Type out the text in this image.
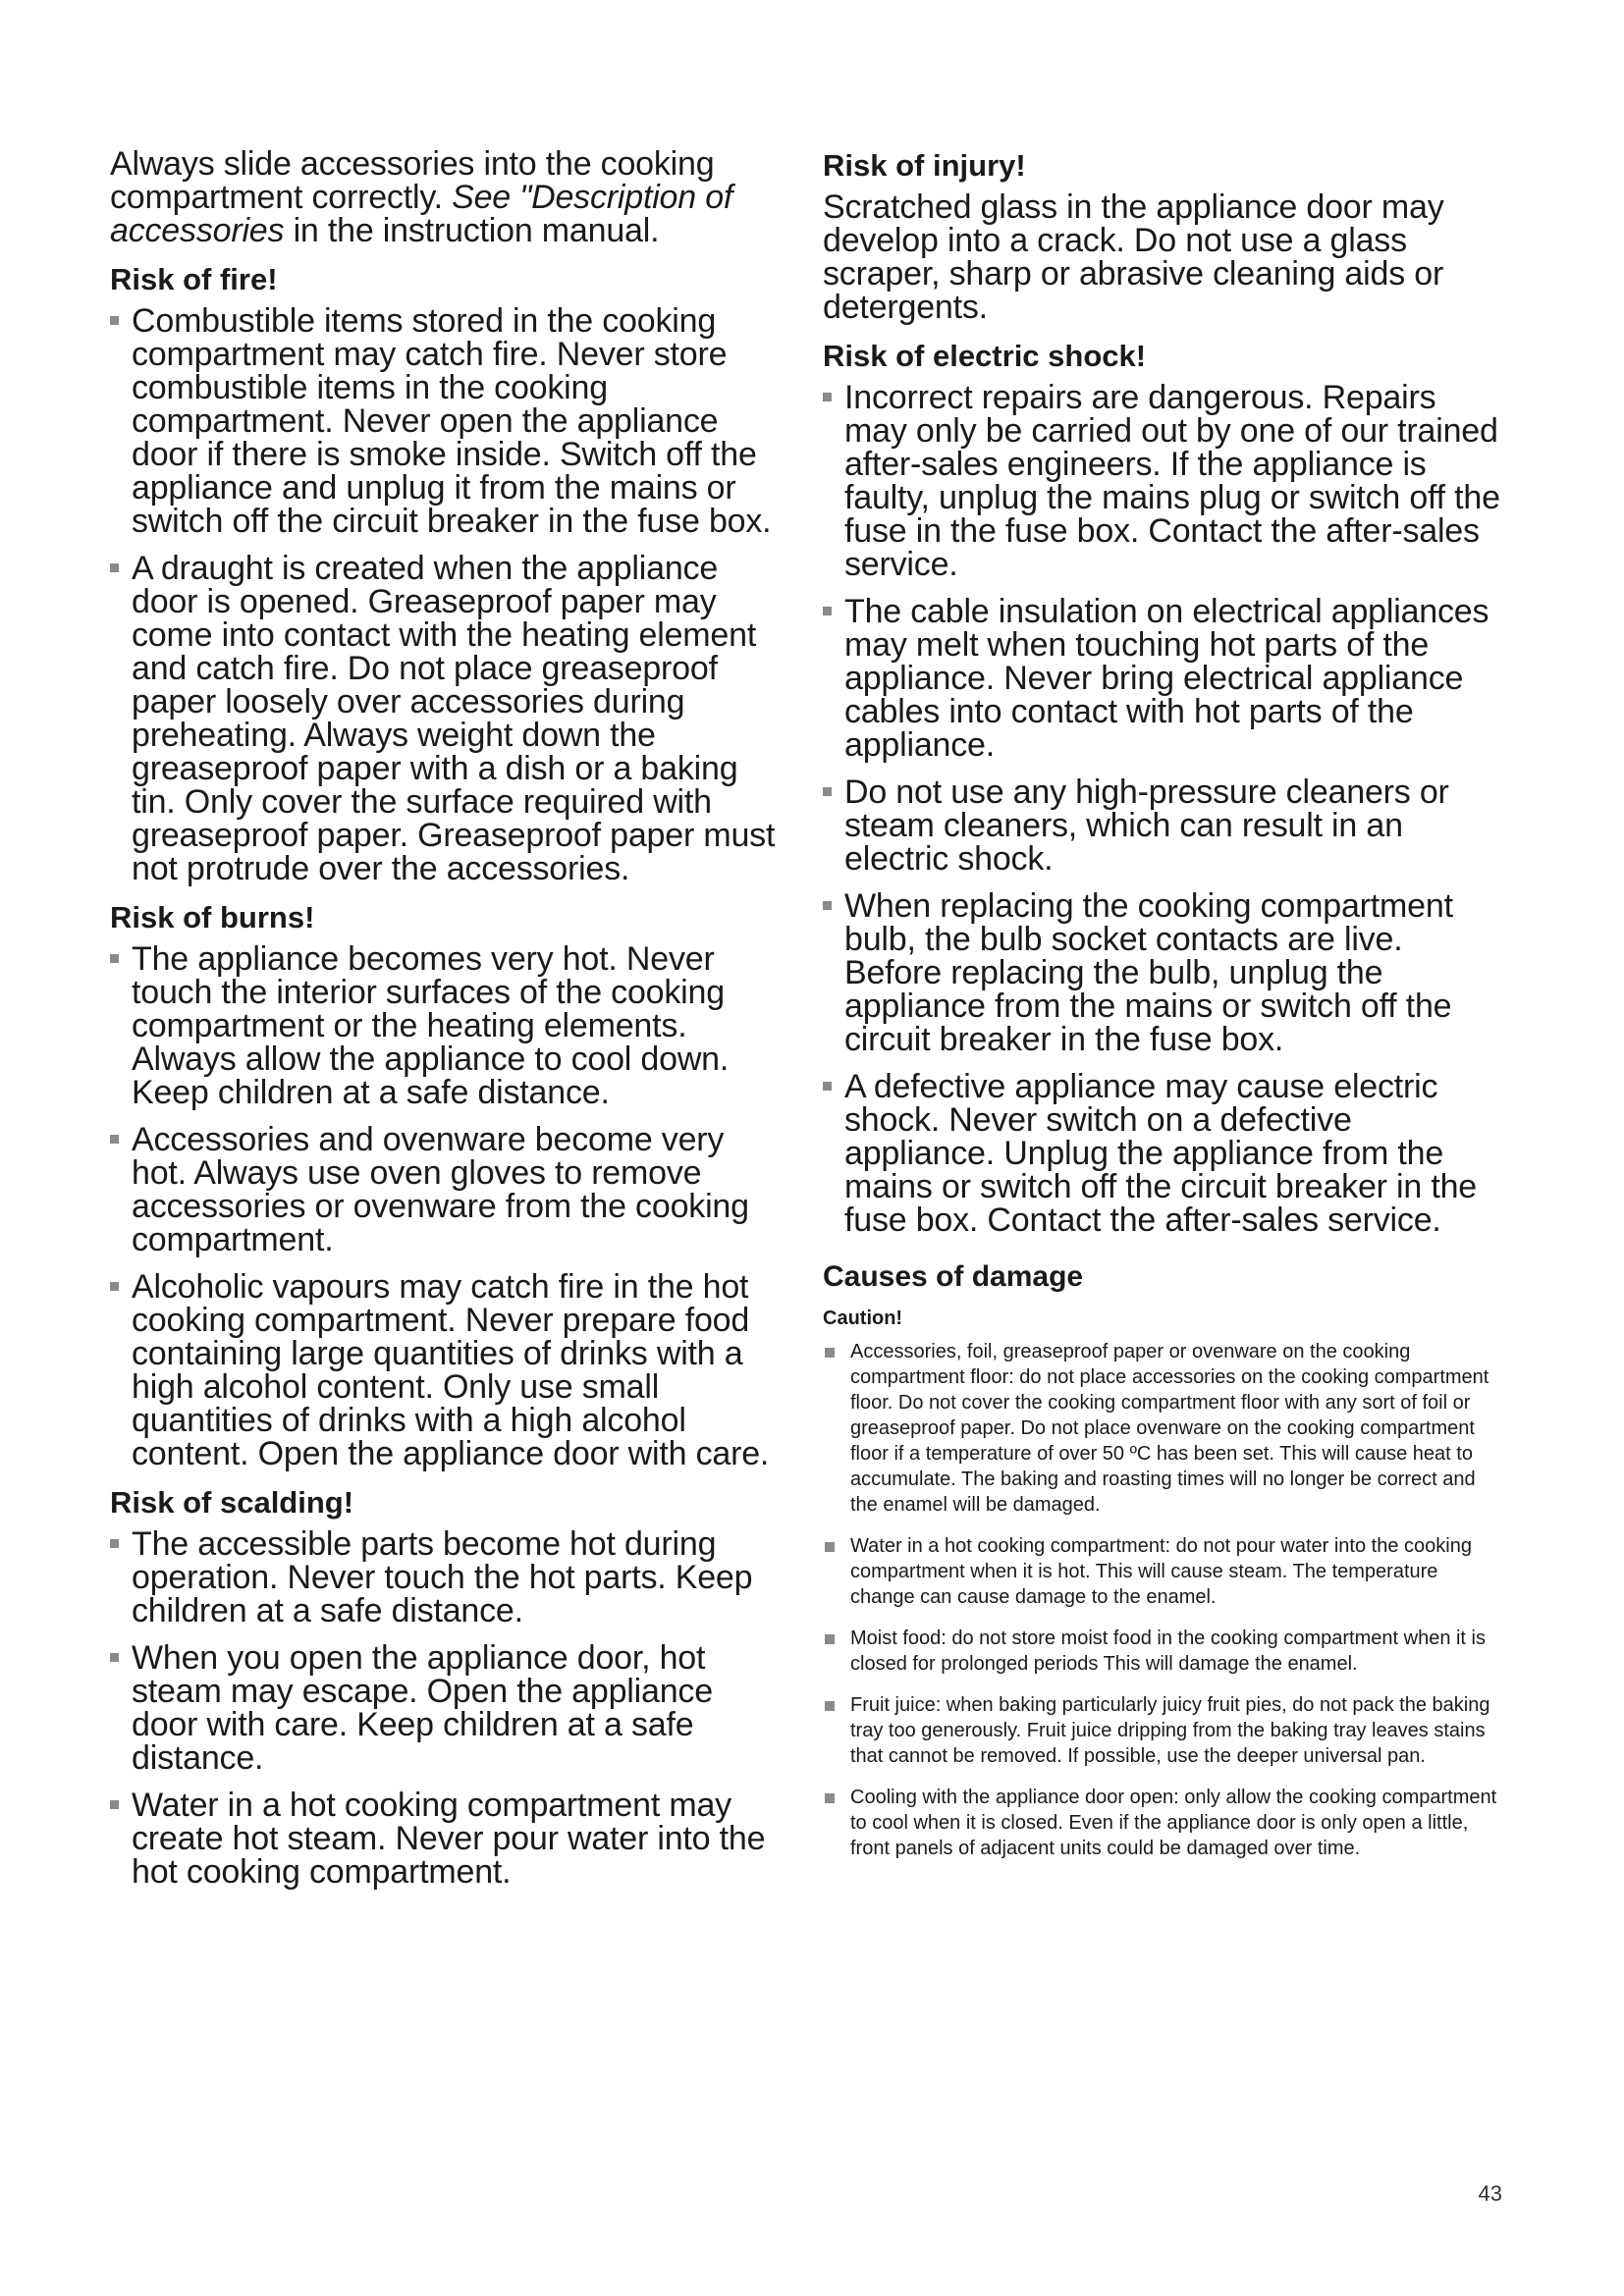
Always slide accessories into the cooking compartment correctly. See "Description of accessories in the instruction manual.

Risk of fire!
Combustible items stored in the cooking compartment may catch fire. Never store combustible items in the cooking compartment. Never open the appliance door if there is smoke inside. Switch off the appliance and unplug it from the mains or switch off the circuit breaker in the fuse box.
A draught is created when the appliance door is opened. Greaseproof paper may come into contact with the heating element and catch fire. Do not place greaseproof paper loosely over accessories during preheating. Always weight down the greaseproof paper with a dish or a baking tin. Only cover the surface required with greaseproof paper. Greaseproof paper must not protrude over the accessories.
Risk of burns!
The appliance becomes very hot. Never touch the interior surfaces of the cooking compartment or the heating elements. Always allow the appliance to cool down. Keep children at a safe distance.
Accessories and ovenware become very hot. Always use oven gloves to remove accessories or ovenware from the cooking compartment.
Alcoholic vapours may catch fire in the hot cooking compartment. Never prepare food containing large quantities of drinks with a high alcohol content. Only use small quantities of drinks with a high alcohol content. Open the appliance door with care.
Risk of scalding!
The accessible parts become hot during operation. Never touch the hot parts. Keep children at a safe distance.
When you open the appliance door, hot steam may escape. Open the appliance door with care. Keep children at a safe distance.
Water in a hot cooking compartment may create hot steam. Never pour water into the hot cooking compartment.
Risk of injury!

Scratched glass in the appliance door may develop into a crack. Do not use a glass scraper, sharp or abrasive cleaning aids or detergents.

Risk of electric shock!
Incorrect repairs are dangerous. Repairs may only be carried out by one of our trained after-sales engineers. If the appliance is faulty, unplug the mains plug or switch off the fuse in the fuse box. Contact the after-sales service.
The cable insulation on electrical appliances may melt when touching hot parts of the appliance. Never bring electrical appliance cables into contact with hot parts of the appliance.
Do not use any high-pressure cleaners or steam cleaners, which can result in an electric shock.
When replacing the cooking compartment bulb, the bulb socket contacts are live. Before replacing the bulb, unplug the appliance from the mains or switch off the circuit breaker in the fuse box.
A defective appliance may cause electric shock. Never switch on a defective appliance. Unplug the appliance from the mains or switch off the circuit breaker in the fuse box. Contact the after-sales service.
Causes of damage
Caution!
Accessories, foil, greaseproof paper or ovenware on the cooking compartment floor: do not place accessories on the cooking compartment floor. Do not cover the cooking compartment floor with any sort of foil or greaseproof paper. Do not place ovenware on the cooking compartment floor if a temperature of over 50 ºC has been set. This will cause heat to accumulate. The baking and roasting times will no longer be correct and the enamel will be damaged.
Water in a hot cooking compartment: do not pour water into the cooking compartment when it is hot. This will cause steam. The temperature change can cause damage to the enamel.
Moist food: do not store moist food in the cooking compartment when it is closed for prolonged periods This will damage the enamel.
Fruit juice: when baking particularly juicy fruit pies, do not pack the baking tray too generously. Fruit juice dripping from the baking tray leaves stains that cannot be removed. If possible, use the deeper universal pan.
Cooling with the appliance door open: only allow the cooking compartment to cool when it is closed. Even if the appliance door is only open a little, front panels of adjacent units could be damaged over time.
43
